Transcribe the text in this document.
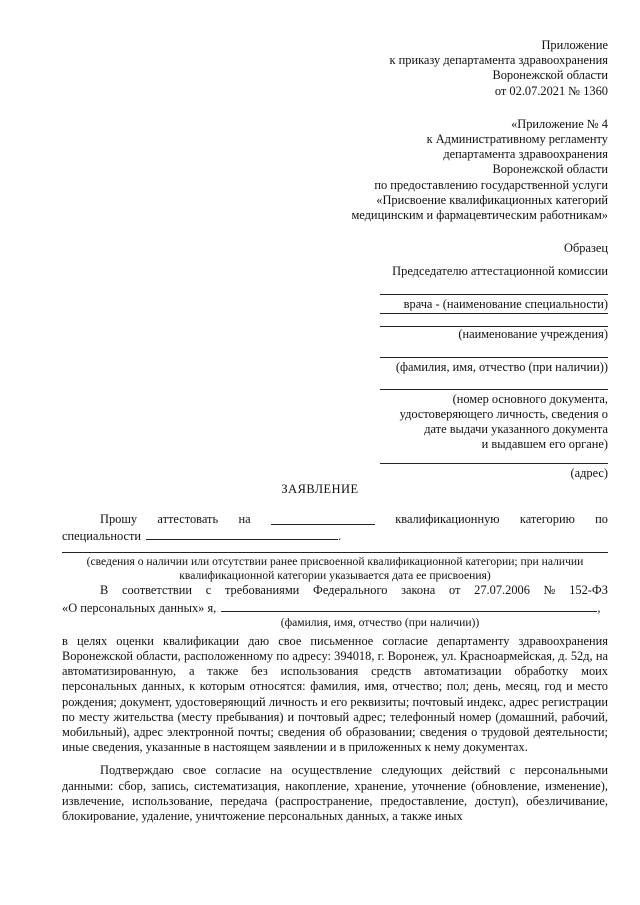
Приложение
к приказу департамента здравоохранения
Воронежской области
от 02.07.2021 № 1360
«Приложение № 4
к Административному регламенту
департамента здравоохранения
Воронежской области
по предоставлению государственной услуги
«Присвоение квалификационных категорий
медицинским и фармацевтическим работникам»
Образец
Председателю аттестационной комиссии
врача - (наименование специальности)
(наименование учреждения)
(фамилия, имя, отчество (при наличии))
(номер основного документа,
удостоверяющего личность, сведения о
дате выдачи указанного документа
и выдавшем его органе)
(адрес)
ЗАЯВЛЕНИЕ
Прошу аттестовать на	квалификационную категорию по
специальности	.
(сведения о наличии или отсутствии ранее присвоенной квалификационной категории; при наличии
квалификационной категории указывается дата ее присвоения)
В соответствии с требованиями Федерального закона от 27.07.2006 № 152-ФЗ
«О персональных данных» я,	,
(фамилия, имя, отчество (при наличии))
в целях оценки квалификации даю свое письменное согласие департаменту здравоохранения Воронежской области, расположенному по адресу: 394018, г. Воронеж, ул. Красноармейская, д. 52д, на автоматизированную, а также без использования средств автоматизации обработку моих персональных данных, к которым относятся: фамилия, имя, отчество; пол; день, месяц, год и место рождения; документ, удостоверяющий личность и его реквизиты; почтовый индекс, адрес регистрации по месту жительства (месту пребывания) и почтовый адрес; телефонный номер (домашний, рабочий, мобильный), адрес электронной почты; сведения об образовании; сведения о трудовой деятельности; иные сведения, указанные в настоящем заявлении и в приложенных к нему документах.
Подтверждаю свое согласие на осуществление следующих действий с персональными данными: сбор, запись, систематизация, накопление, хранение, уточнение (обновление, изменение), извлечение, использование, передача (распространение, предоставление, доступ), обезличивание, блокирование, удаление, уничтожение персональных данных, а также иных
